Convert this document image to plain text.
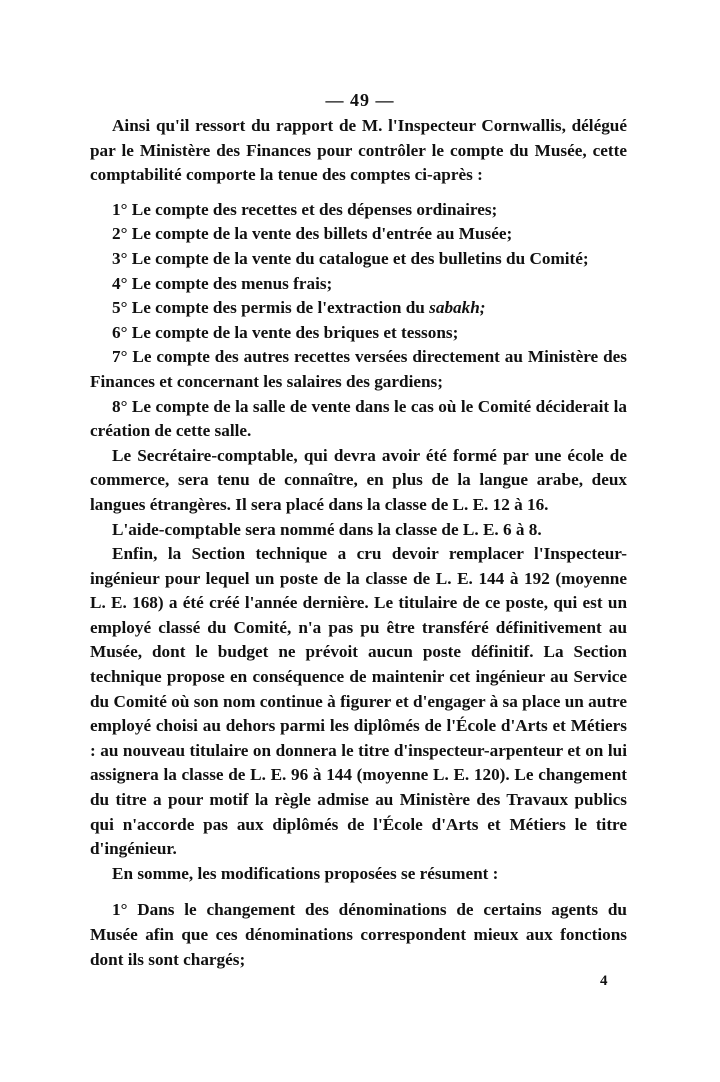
— 49 —

Ainsi qu'il ressort du rapport de M. l'Inspecteur Cornwallis, délégué par le Ministère des Finances pour contrôler le compte du Musée, cette comptabilité comporte la tenue des comptes ci-après :

1° Le compte des recettes et des dépenses ordinaires;

2° Le compte de la vente des billets d'entrée au Musée;

3° Le compte de la vente du catalogue et des bulletins du Comité;

4° Le compte des menus frais;

5° Le compte des permis de l'extraction du sabakh;

6° Le compte de la vente des briques et tessons;

7° Le compte des autres recettes versées directement au Ministère des Finances et concernant les salaires des gardiens;

8° Le compte de la salle de vente dans le cas où le Comité déciderait la création de cette salle.

Le Secrétaire-comptable, qui devra avoir été formé par une école de commerce, sera tenu de connaître, en plus de la langue arabe, deux langues étrangères. Il sera placé dans la classe de L. E. 12 à 16.

L'aide-comptable sera nommé dans la classe de L. E. 6 à 8.

Enfin, la Section technique a cru devoir remplacer l'Inspecteur-ingénieur pour lequel un poste de la classe de L. E. 144 à 192 (moyenne L. E. 168) a été créé l'année dernière. Le titulaire de ce poste, qui est un employé classé du Comité, n'a pas pu être transféré définitivement au Musée, dont le budget ne prévoit aucun poste définitif. La Section technique propose en conséquence de maintenir cet ingénieur au Service du Comité où son nom continue à figurer et d'engager à sa place un autre employé choisi au dehors parmi les diplômés de l'École d'Arts et Métiers : au nouveau titulaire on donnera le titre d'inspecteur-arpenteur et on lui assignera la classe de L. E. 96 à 144 (moyenne L. E. 120). Le changement du titre a pour motif la règle admise au Ministère des Travaux publics qui n'accorde pas aux diplômés de l'École d'Arts et Métiers le titre d'ingénieur.

En somme, les modifications proposées se résument :

1° Dans le changement des dénominations de certains agents du Musée afin que ces dénominations correspondent mieux aux fonctions dont ils sont chargés;

4
